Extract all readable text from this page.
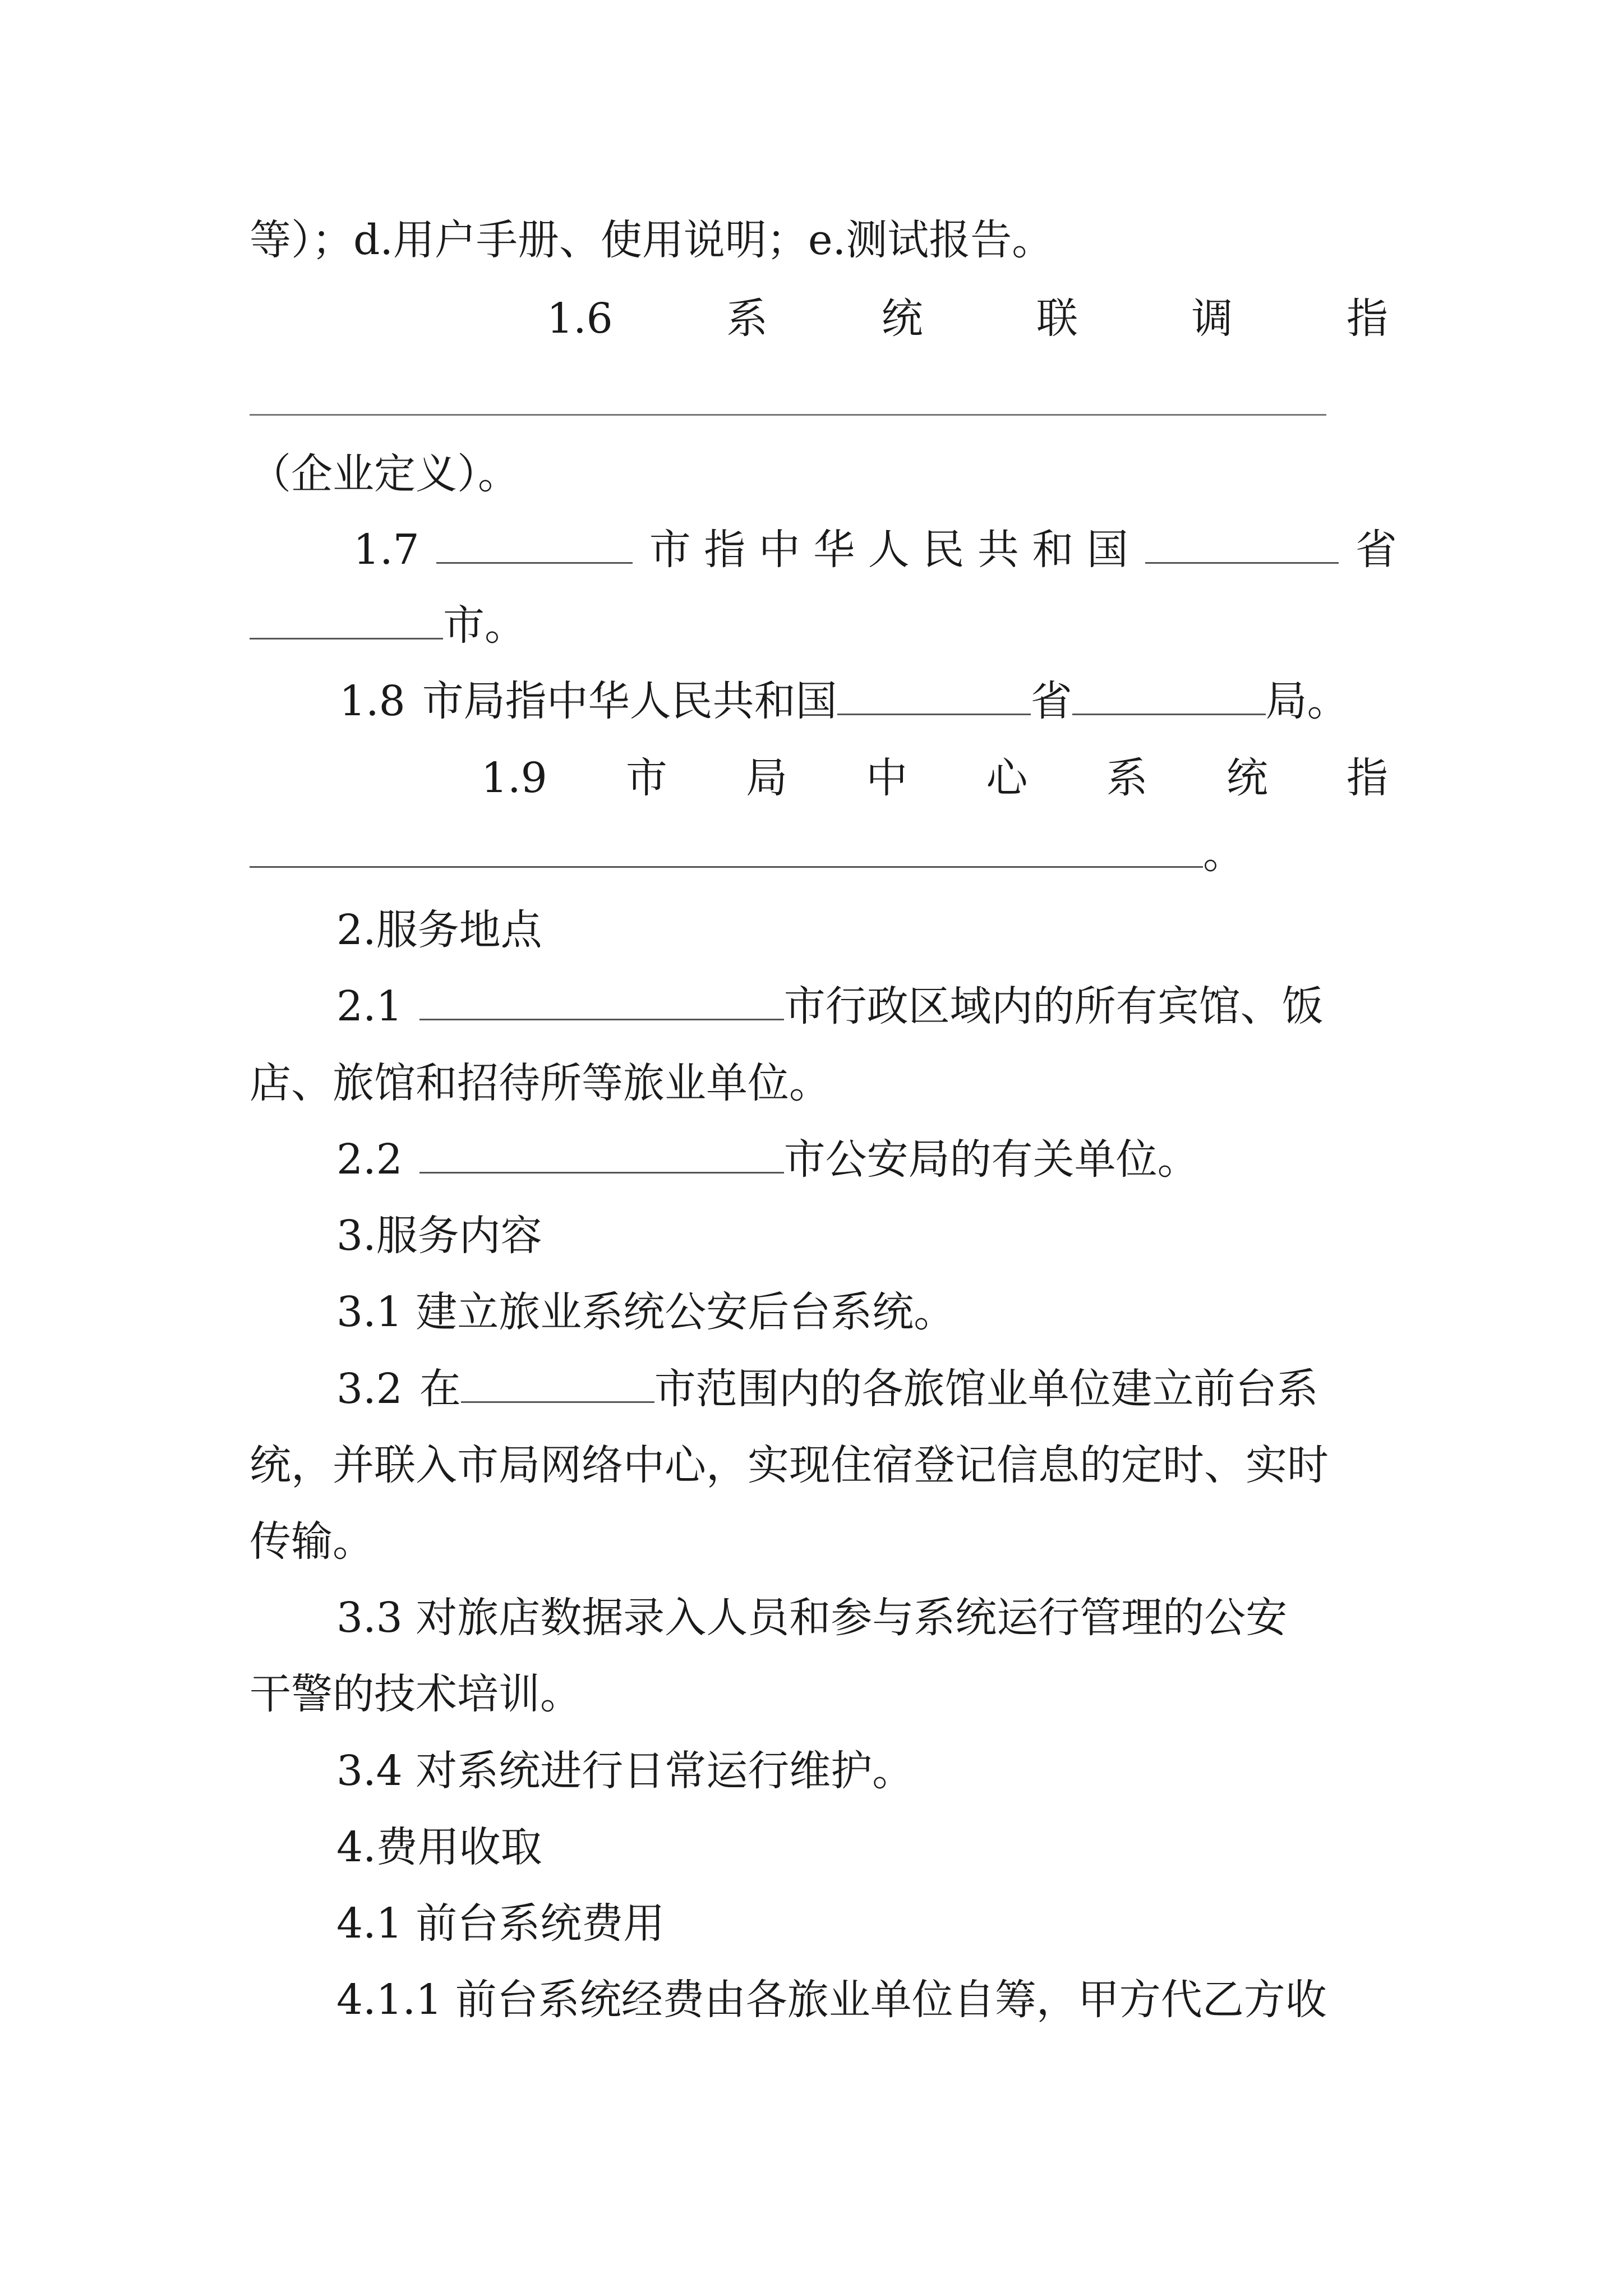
等）；d.用户手册、使用说明；e.测试报告。
1.6	系	统	联	调	指
（企业定义）。
1.7	市 指 中 华 人 民 共 和 国	省
市。
1.8 市局指中华人民共和国	省	局。
1.9 市 局 中 心 系 统 指
。
2.服务地点
2.1	市行政区域内的所有宾馆、饭
店、旅馆和招待所等旅业单位。
2.2	市公安局的有关单位。
3.服务内容
3.1 建立旅业系统公安后台系统。
3.2 在	市范围内的各旅馆业单位建立前台系
统，并联入市局网络中心，实现住宿登记信息的定时、实时
传输。
3.3 对旅店数据录入人员和参与系统运行管理的公安
干警的技术培训。
3.4 对系统进行日常运行维护。
4.费用收取
4.1 前台系统费用
4.1.1 前台系统经费由各旅业单位自筹，甲方代乙方收
